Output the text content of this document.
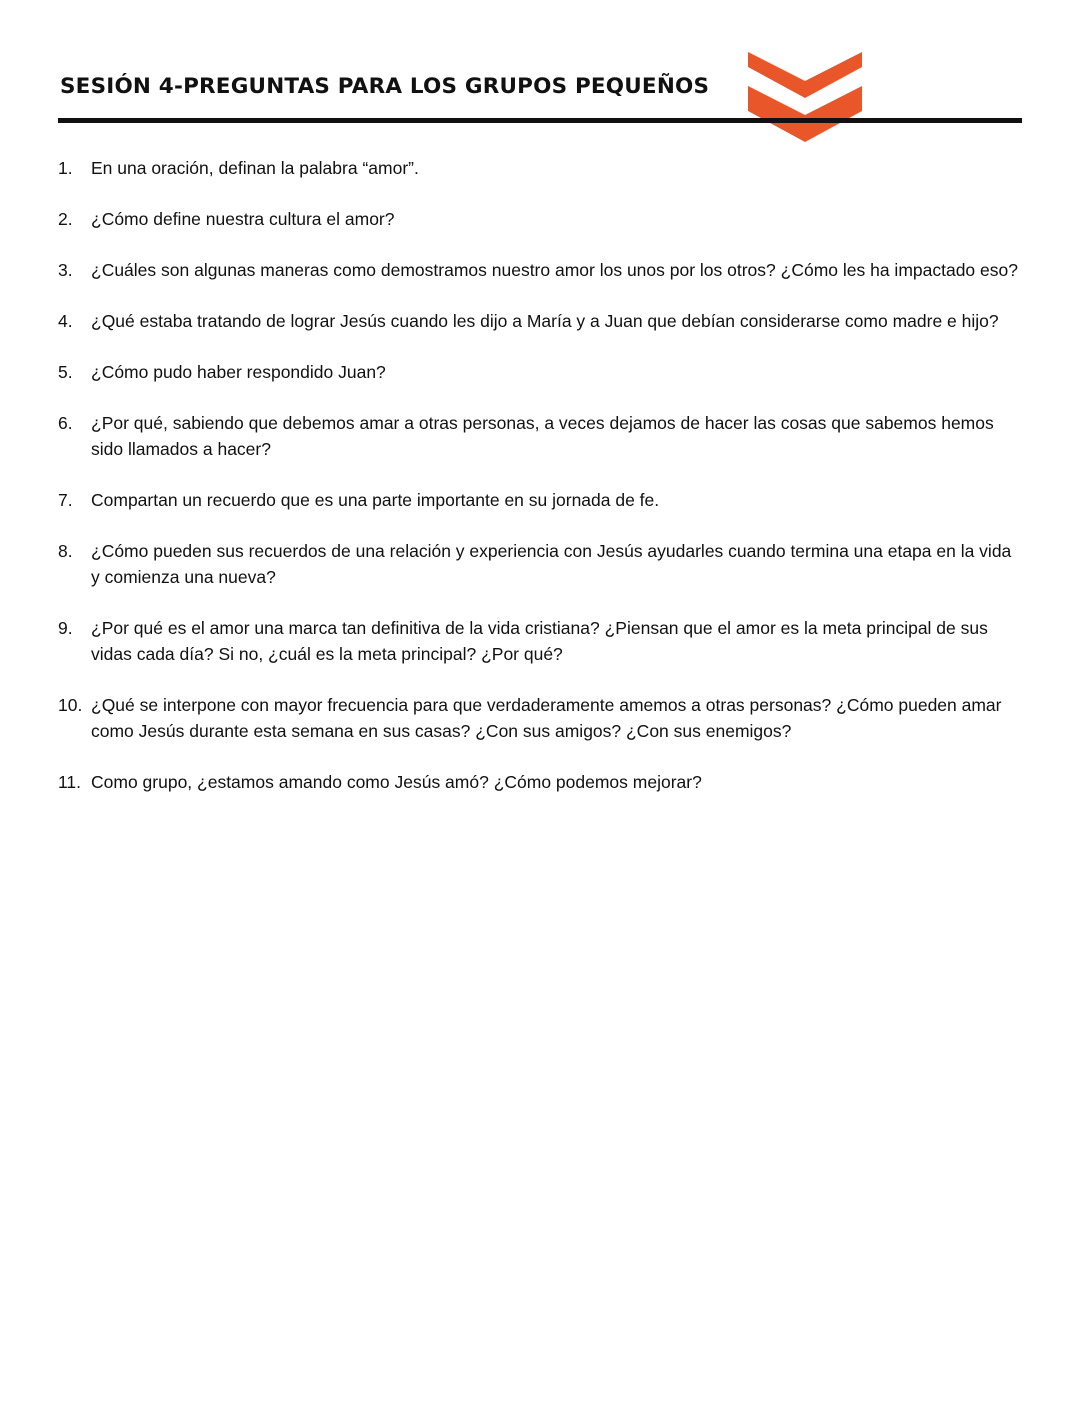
SESIÓN 4-PREGUNTAS PARA LOS GRUPOS PEQUEÑOS
1.	En una oración, definan la palabra “amor”.
2.	¿Cómo define nuestra cultura el amor?
3.	¿Cuáles son algunas maneras como demostramos nuestro amor los unos por los otros? ¿Cómo les ha impactado eso?
4.	¿Qué estaba tratando de lograr Jesús cuando les dijo a María y a Juan que debían considerarse como madre e hijo?
5.	¿Cómo pudo haber respondido Juan?
6.	¿Por qué, sabiendo que debemos amar a otras personas, a veces dejamos de hacer las cosas que sabemos hemos sido llamados a hacer?
7.	Compartan un recuerdo que es una parte importante en su jornada de fe.
8.	¿Cómo pueden sus recuerdos de una relación y experiencia con Jesús ayudarles cuando termina una etapa en la vida y comienza una nueva?
9.	¿Por qué es el amor una marca tan definitiva de la vida cristiana? ¿Piensan que el amor es la meta principal de sus vidas cada día? Si no, ¿cuál es la meta principal? ¿Por qué?
10. ¿Qué se interpone con mayor frecuencia para que verdaderamente amemos a otras personas? ¿Cómo pueden amar como Jesús durante esta semana en sus casas? ¿Con sus amigos? ¿Con sus enemigos?
11. Como grupo, ¿estamos amando como Jesús amó? ¿Cómo podemos mejorar?
